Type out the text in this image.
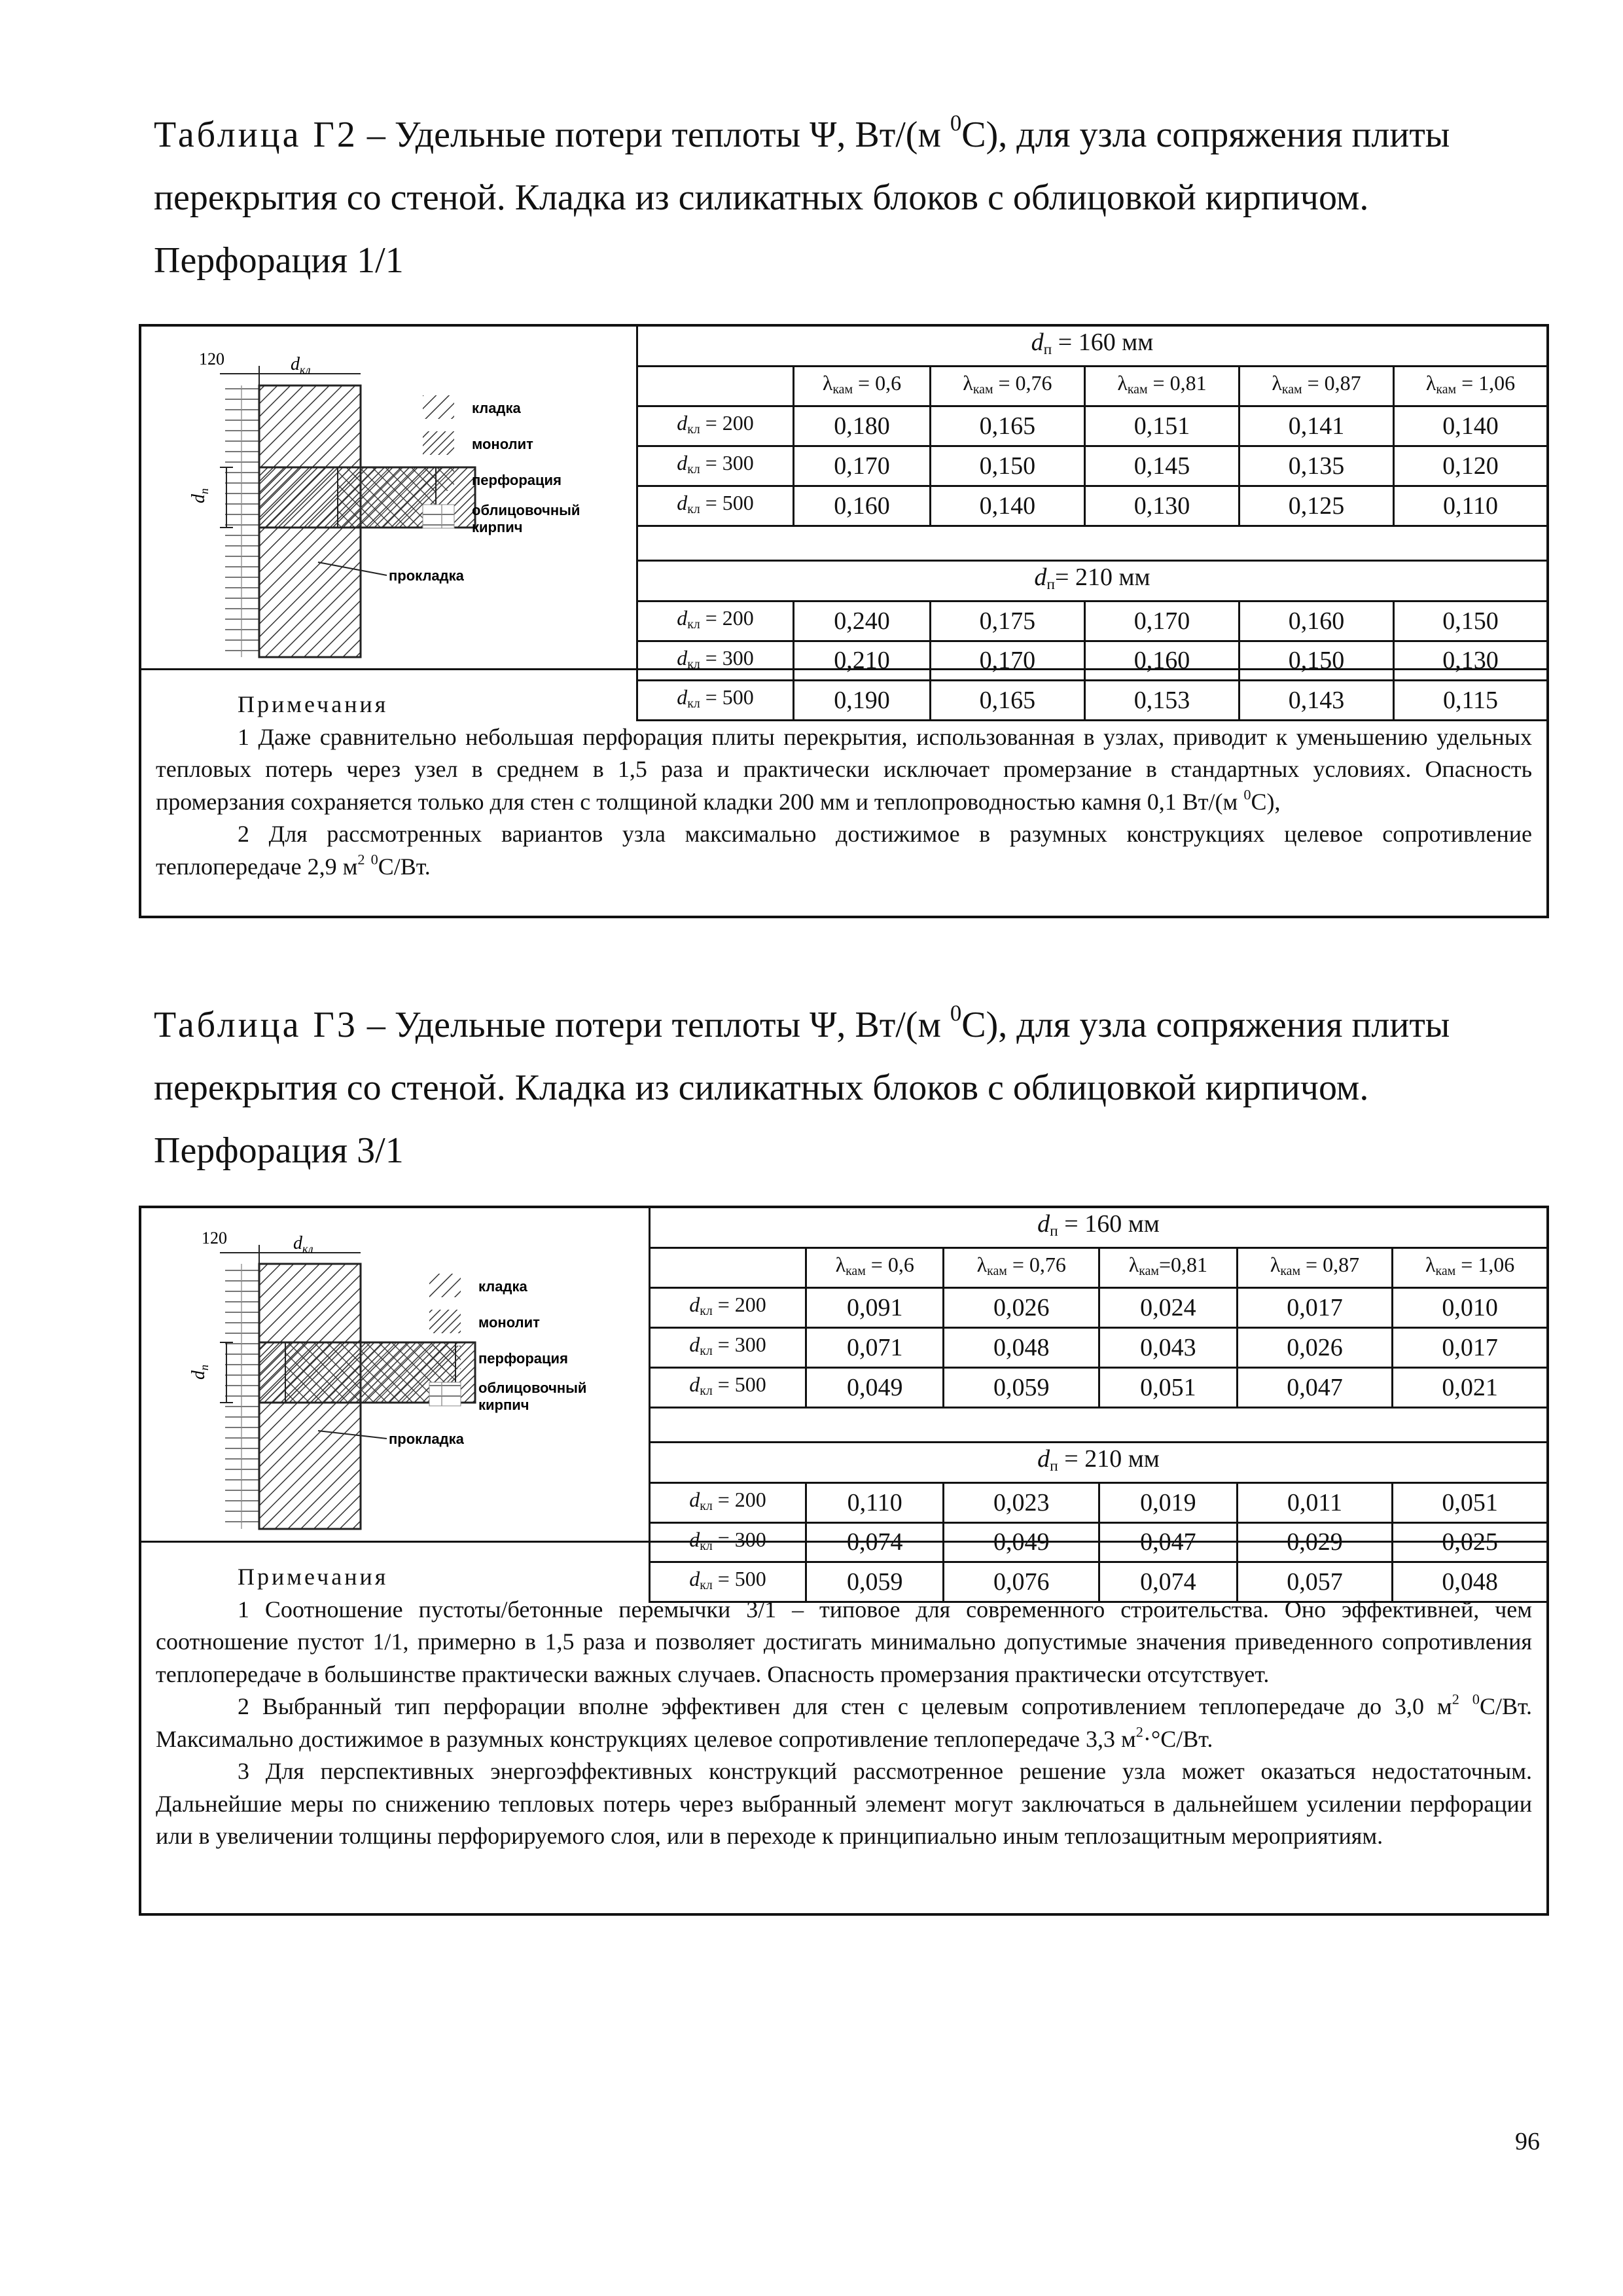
Таблица Г2 – Удельные потери теплоты Ψ, Вт/(м $^0$С), для узла сопряжения плиты перекрытия со стеной. Кладка из силикатных блоков с облицовкой кирпичом. Перфорация 1/1
120	$d_{кл}$
$d_п$
прокладка
кладка
монолит
перфорация
облицовочный
кирпич
$d_п = 160$ мм					
	$\lambda_{кам} = 0,6$	$\lambda_{кам} = 0,76$	$\lambda_{кам} = 0,81$	$\lambda_{кам} = 0,87$	$\lambda_{кам} = 1,06$
$d_{кл} = 200$	0,180	0,165	0,151	0,141	0,140
$d_{кл} = 300$	0,170	0,150	0,145	0,135	0,120
$d_{кл} = 500$	0,160	0,140	0,130	0,125	0,110

$d_п= 210$ мм					
$d_{кл} = 200$	0,240	0,175	0,170	0,160	0,150
$d_{кл} = 300$	0,210	0,170	0,160	0,150	0,130
$d_{кл} = 500$	0,190	0,165	0,153	0,143	0,115
Примечания

1 Даже сравнительно небольшая перфорация плиты перекрытия, использованная в узлах, приводит к уменьшению удельных тепловых потерь через узел в среднем в 1,5 раза и практически исключает промерзание в стандартных условиях. Опасность промерзания сохраняется только для стен с толщиной кладки 200 мм и теплопроводностью камня 0,1 Вт/(м $^0$С),

2 Для рассмотренных вариантов узла максимально достижимое в разумных конструкциях целевое сопротивление теплопередаче 2,9 $м^2$ $^0$С/Вт.

Таблица Г3 – Удельные потери теплоты Ψ, Вт/(м $^0$С), для узла сопряжения плиты перекрытия со стеной. Кладка из силикатных блоков с облицовкой кирпичом. Перфорация 3/1
120	$d_{кл}$
$d_п$
прокладка
кладка
монолит
перфорация
облицовочный
кирпич
$d_п = 160$ мм					
	$\lambda_{кам} = 0,6$	$\lambda_{кам} = 0,76$	$\lambda_{кам}=0,81$	$\lambda_{кам} = 0,87$	$\lambda_{кам} = 1,06$
$d_{кл} = 200$	0,091	0,026	0,024	0,017	0,010
$d_{кл} = 300$	0,071	0,048	0,043	0,026	0,017
$d_{кл} = 500$	0,049	0,059	0,051	0,047	0,021

$d_п = 210$ мм					
$d_{кл} = 200$	0,110	0,023	0,019	0,011	0,051
$d_{кл} = 300$	0,074	0,049	0,047	0,029	0,025
$d_{кл} = 500$	0,059	0,076	0,074	0,057	0,048
Примечания

1 Соотношение пустоты/бетонные перемычки 3/1 – типовое для современного строительства. Оно эффективней, чем соотношение пустот 1/1, примерно в 1,5 раза и позволяет достигать минимально допустимые значения приведенного сопротивления теплопередаче в большинстве практически важных случаев. Опасность промерзания практически отсутствует.

2 Выбранный тип перфорации вполне эффективен для стен с целевым сопротивлением теплопередаче до 3,0 $м^2$ $^0$С/Вт. Максимально достижимое в разумных конструкциях целевое сопротивление теплопередаче 3,3 $м^2\cdot^\circ С/Вт$.

3 Для перспективных энергоэффективных конструкций рассмотренное решение узла может оказаться недостаточным. Дальнейшие меры по снижению тепловых потерь через выбранный элемент могут заключаться в дальнейшем усилении перфорации или в увеличении толщины перфорируемого слоя, или в переходе к принципиально иным теплозащитным мероприятиям.

96
